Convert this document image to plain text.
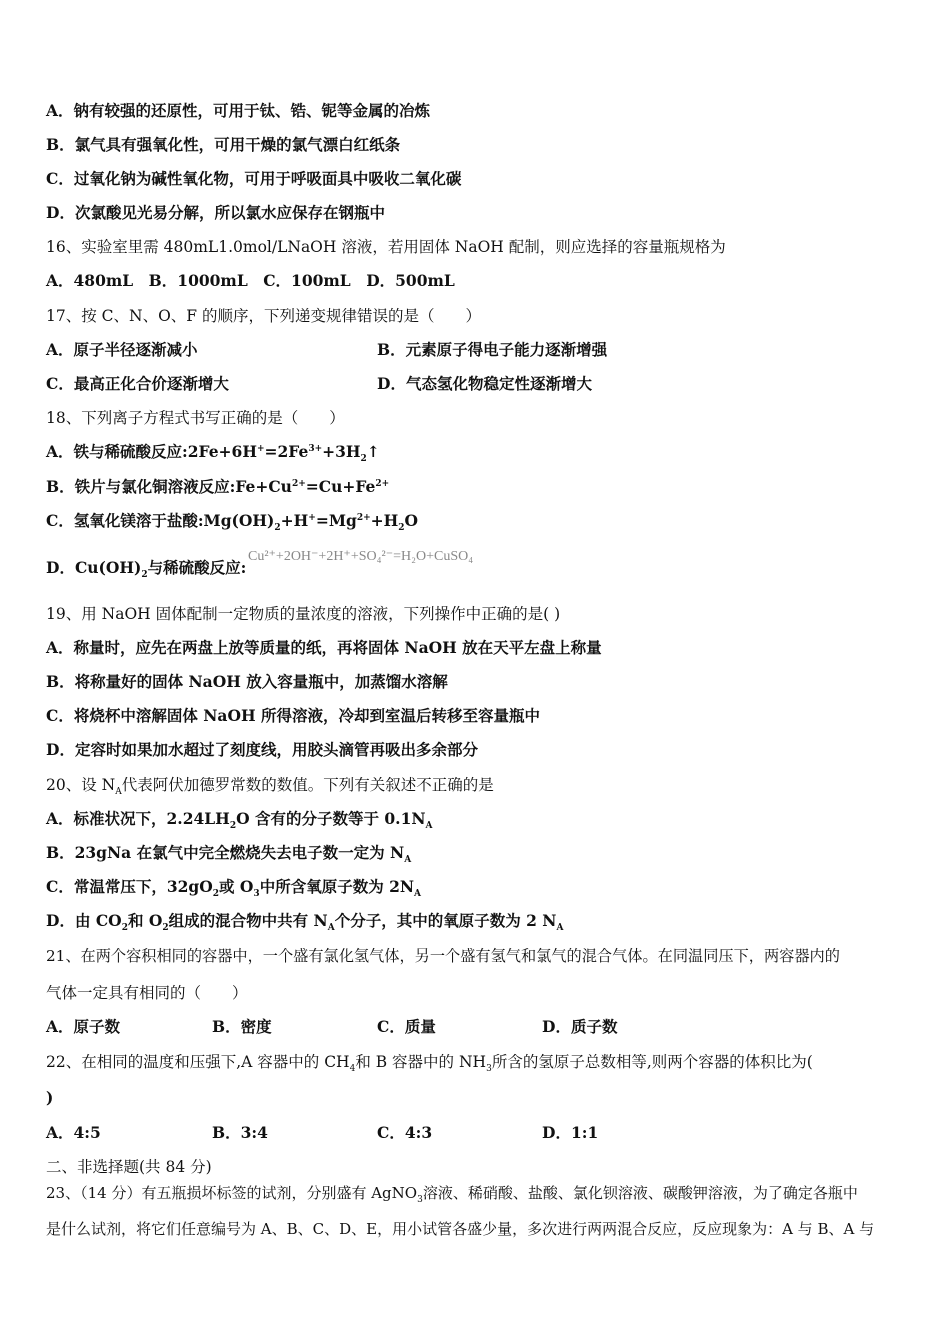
A．钠有较强的还原性，可用于钛、锆、铌等金属的冶炼
B．氯气具有强氧化性，可用干燥的氯气漂白红纸条
C．过氧化钠为碱性氧化物，可用于呼吸面具中吸收二氧化碳
D．次氯酸见光易分解，所以氯水应保存在钢瓶中
16、实验室里需 480mL1.0mol/LNaOH 溶液，若用固体 NaOH 配制，则应选择的容量瓶规格为
A．480mL　B．1000mL　C．100mL　D．500mL
17、按 C、N、O、F 的顺序，下列递变规律错误的是（　　）
A．原子半径逐渐减小	B．元素原子得电子能力逐渐增强
C．最高正化合价逐渐增大	D．气态氢化物稳定性逐渐增大
18、下列离子方程式书写正确的是（　　）
A．铁与稀硫酸反应$:2Fe+6H^+=2Fe^{3+}+3H_2↑$
B．铁片与氯化铜溶液反应$:Fe+Cu^{2+}=Cu+Fe^{2+}$
C．氢氧化镁溶于盐酸$:Mg(OH)_2+H^+=Mg^{2+}+H_2O$
D．$Cu(OH)_2$与稀硫酸反应:
Cu²⁺+2OH⁻+2H⁺+SO₄²⁻=H₂O+CuSO₄
19、用 NaOH 固体配制一定物质的量浓度的溶液，下列操作中正确的是( )
A．称量时，应先在两盘上放等质量的纸，再将固体 NaOH 放在天平左盘上称量
B．将称量好的固体 NaOH 放入容量瓶中，加蒸馏水溶解
C．将烧杯中溶解固体 NaOH 所得溶液，冷却到室温后转移至容量瓶中
D．定容时如果加水超过了刻度线，用胶头滴管再吸出多余部分
20、设 $N_A$代表阿伏加德罗常数的数值。下列有关叙述不正确的是
A．标准状况下，$2.24LH_2O$ 含有的分子数等于 $0.1N_A$
B．23gNa 在氯气中完全燃烧失去电子数一定为 $N_A$
C．常温常压下，$32gO_2$或 $O_3$中所含氧原子数为 $2N_A$
D．由 $CO_2$和 $O_2$组成的混合物中共有 $N_A$个分子，其中的氧原子数为 2 $N_A$
21、在两个容积相同的容器中，一个盛有氯化氢气体，另一个盛有氢气和氯气的混合气体。在同温同压下，两容器内的
气体一定具有相同的（　　）
A．原子数	B．密度	C．质量	D．质子数
22、在相同的温度和压强下,A 容器中的 $CH_4$和 B 容器中的 $NH_3$所含的氢原子总数相等,则两个容器的体积比为(
)
A．4:5	B．3:4	C．4:3	D．1:1
二、非选择题(共 84 分)
23、（14 分）有五瓶损坏标签的试剂，分别盛有 AgNO$_3$溶液、稀硝酸、盐酸、氯化钡溶液、碳酸钾溶液，为了确定各瓶中
是什么试剂，将它们任意编号为 A、B、C、D、E，用小试管各盛少量，多次进行两两混合反应，反应现象为：A 与 B、A 与
